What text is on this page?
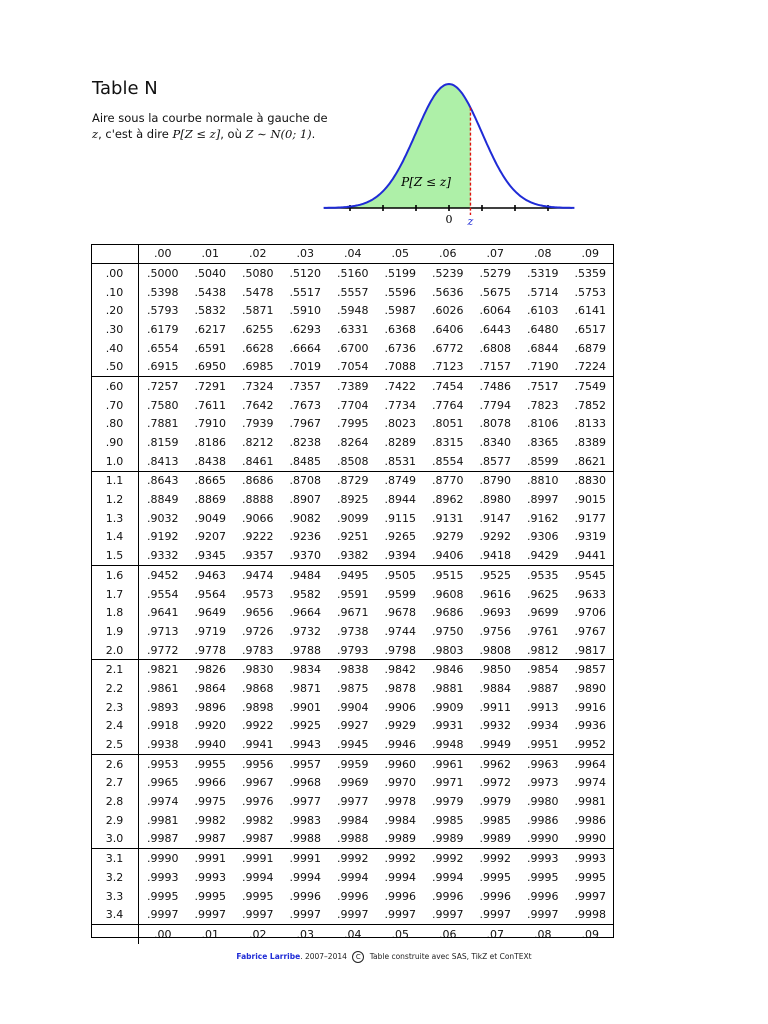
Table N
Aire sous la courbe normale à gauche de
z, c'est à dire P[Z ≤ z], où Z ∼ N(0; 1).
P[Z ≤ z]
0 z
	.00	.01	.02	.03	.04	.05	.06	.07	.08	.09
.00	.5000	.5040	.5080	.5120	.5160	.5199	.5239	.5279	.5319	.5359
.10	.5398	.5438	.5478	.5517	.5557	.5596	.5636	.5675	.5714	.5753
.20	.5793	.5832	.5871	.5910	.5948	.5987	.6026	.6064	.6103	.6141
.30	.6179	.6217	.6255	.6293	.6331	.6368	.6406	.6443	.6480	.6517
.40	.6554	.6591	.6628	.6664	.6700	.6736	.6772	.6808	.6844	.6879
.50	.6915	.6950	.6985	.7019	.7054	.7088	.7123	.7157	.7190	.7224
.60	.7257	.7291	.7324	.7357	.7389	.7422	.7454	.7486	.7517	.7549
.70	.7580	.7611	.7642	.7673	.7704	.7734	.7764	.7794	.7823	.7852
.80	.7881	.7910	.7939	.7967	.7995	.8023	.8051	.8078	.8106	.8133
.90	.8159	.8186	.8212	.8238	.8264	.8289	.8315	.8340	.8365	.8389
1.0	.8413	.8438	.8461	.8485	.8508	.8531	.8554	.8577	.8599	.8621
1.1	.8643	.8665	.8686	.8708	.8729	.8749	.8770	.8790	.8810	.8830
1.2	.8849	.8869	.8888	.8907	.8925	.8944	.8962	.8980	.8997	.9015
1.3	.9032	.9049	.9066	.9082	.9099	.9115	.9131	.9147	.9162	.9177
1.4	.9192	.9207	.9222	.9236	.9251	.9265	.9279	.9292	.9306	.9319
1.5	.9332	.9345	.9357	.9370	.9382	.9394	.9406	.9418	.9429	.9441
1.6	.9452	.9463	.9474	.9484	.9495	.9505	.9515	.9525	.9535	.9545
1.7	.9554	.9564	.9573	.9582	.9591	.9599	.9608	.9616	.9625	.9633
1.8	.9641	.9649	.9656	.9664	.9671	.9678	.9686	.9693	.9699	.9706
1.9	.9713	.9719	.9726	.9732	.9738	.9744	.9750	.9756	.9761	.9767
2.0	.9772	.9778	.9783	.9788	.9793	.9798	.9803	.9808	.9812	.9817
2.1	.9821	.9826	.9830	.9834	.9838	.9842	.9846	.9850	.9854	.9857
2.2	.9861	.9864	.9868	.9871	.9875	.9878	.9881	.9884	.9887	.9890
2.3	.9893	.9896	.9898	.9901	.9904	.9906	.9909	.9911	.9913	.9916
2.4	.9918	.9920	.9922	.9925	.9927	.9929	.9931	.9932	.9934	.9936
2.5	.9938	.9940	.9941	.9943	.9945	.9946	.9948	.9949	.9951	.9952
2.6	.9953	.9955	.9956	.9957	.9959	.9960	.9961	.9962	.9963	.9964
2.7	.9965	.9966	.9967	.9968	.9969	.9970	.9971	.9972	.9973	.9974
2.8	.9974	.9975	.9976	.9977	.9977	.9978	.9979	.9979	.9980	.9981
2.9	.9981	.9982	.9982	.9983	.9984	.9984	.9985	.9985	.9986	.9986
3.0	.9987	.9987	.9987	.9988	.9988	.9989	.9989	.9989	.9990	.9990
3.1	.9990	.9991	.9991	.9991	.9992	.9992	.9992	.9992	.9993	.9993
3.2	.9993	.9993	.9994	.9994	.9994	.9994	.9994	.9995	.9995	.9995
3.3	.9995	.9995	.9995	.9996	.9996	.9996	.9996	.9996	.9996	.9997
3.4	.9997	.9997	.9997	.9997	.9997	.9997	.9997	.9997	.9997	.9998
	.00	.01	.02	.03	.04	.05	.06	.07	.08	.09
Fabrice Larribe. 2007–2014 C Table construite avec SAS, TikZ et ConTEXt
